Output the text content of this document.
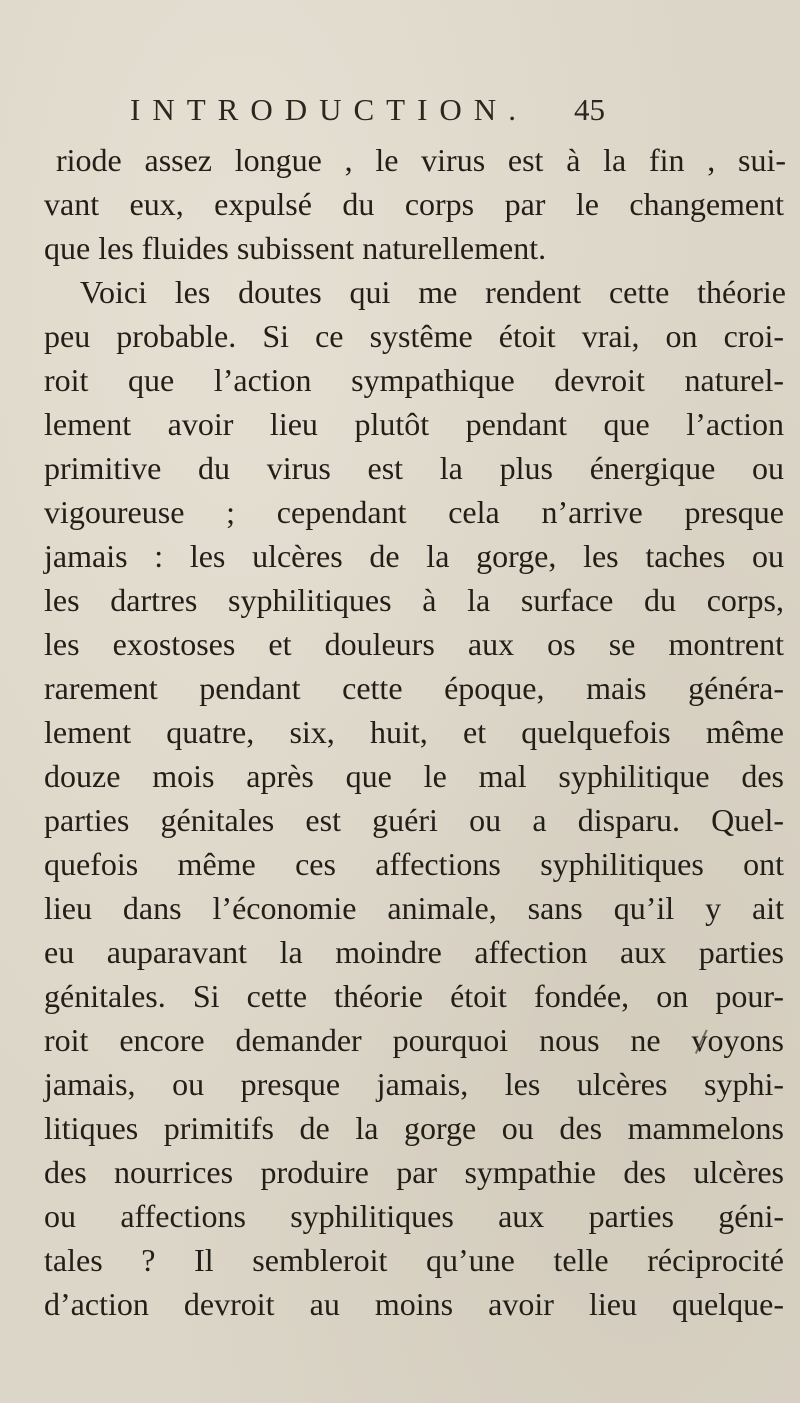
INTRODUCTION. 45
riode assez longue , le virus est à la fin , sui-
vant eux, expulsé du corps par le changement
que les fluides subissent naturellement.
Voici les doutes qui me rendent cette théorie
peu probable. Si ce systême étoit vrai, on croi-
roit que l’action sympathique devroit naturel-
lement avoir lieu plutôt pendant que l’action
primitive du virus est la plus énergique ou
vigoureuse ; cependant cela n’arrive presque
jamais : les ulcères de la gorge, les taches ou
les dartres syphilitiques à la surface du corps,
les exostoses et douleurs aux os se montrent
rarement pendant cette époque, mais généra-
lement quatre, six, huit, et quelquefois même
douze mois après que le mal syphilitique des
parties génitales est guéri ou a disparu. Quel-
quefois même ces affections syphilitiques ont
lieu dans l’économie animale, sans qu’il y ait
eu auparavant la moindre affection aux parties
génitales. Si cette théorie étoit fondée, on pour-
roit encore demander pourquoi nous ne voyons
jamais, ou presque jamais, les ulcères syphi-
litiques primitifs de la gorge ou des mammelons
des nourrices produire par sympathie des ulcères
ou affections syphilitiques aux parties géni-
tales ? Il sembleroit qu’une telle réciprocité
d’action devroit au moins avoir lieu quelque-
